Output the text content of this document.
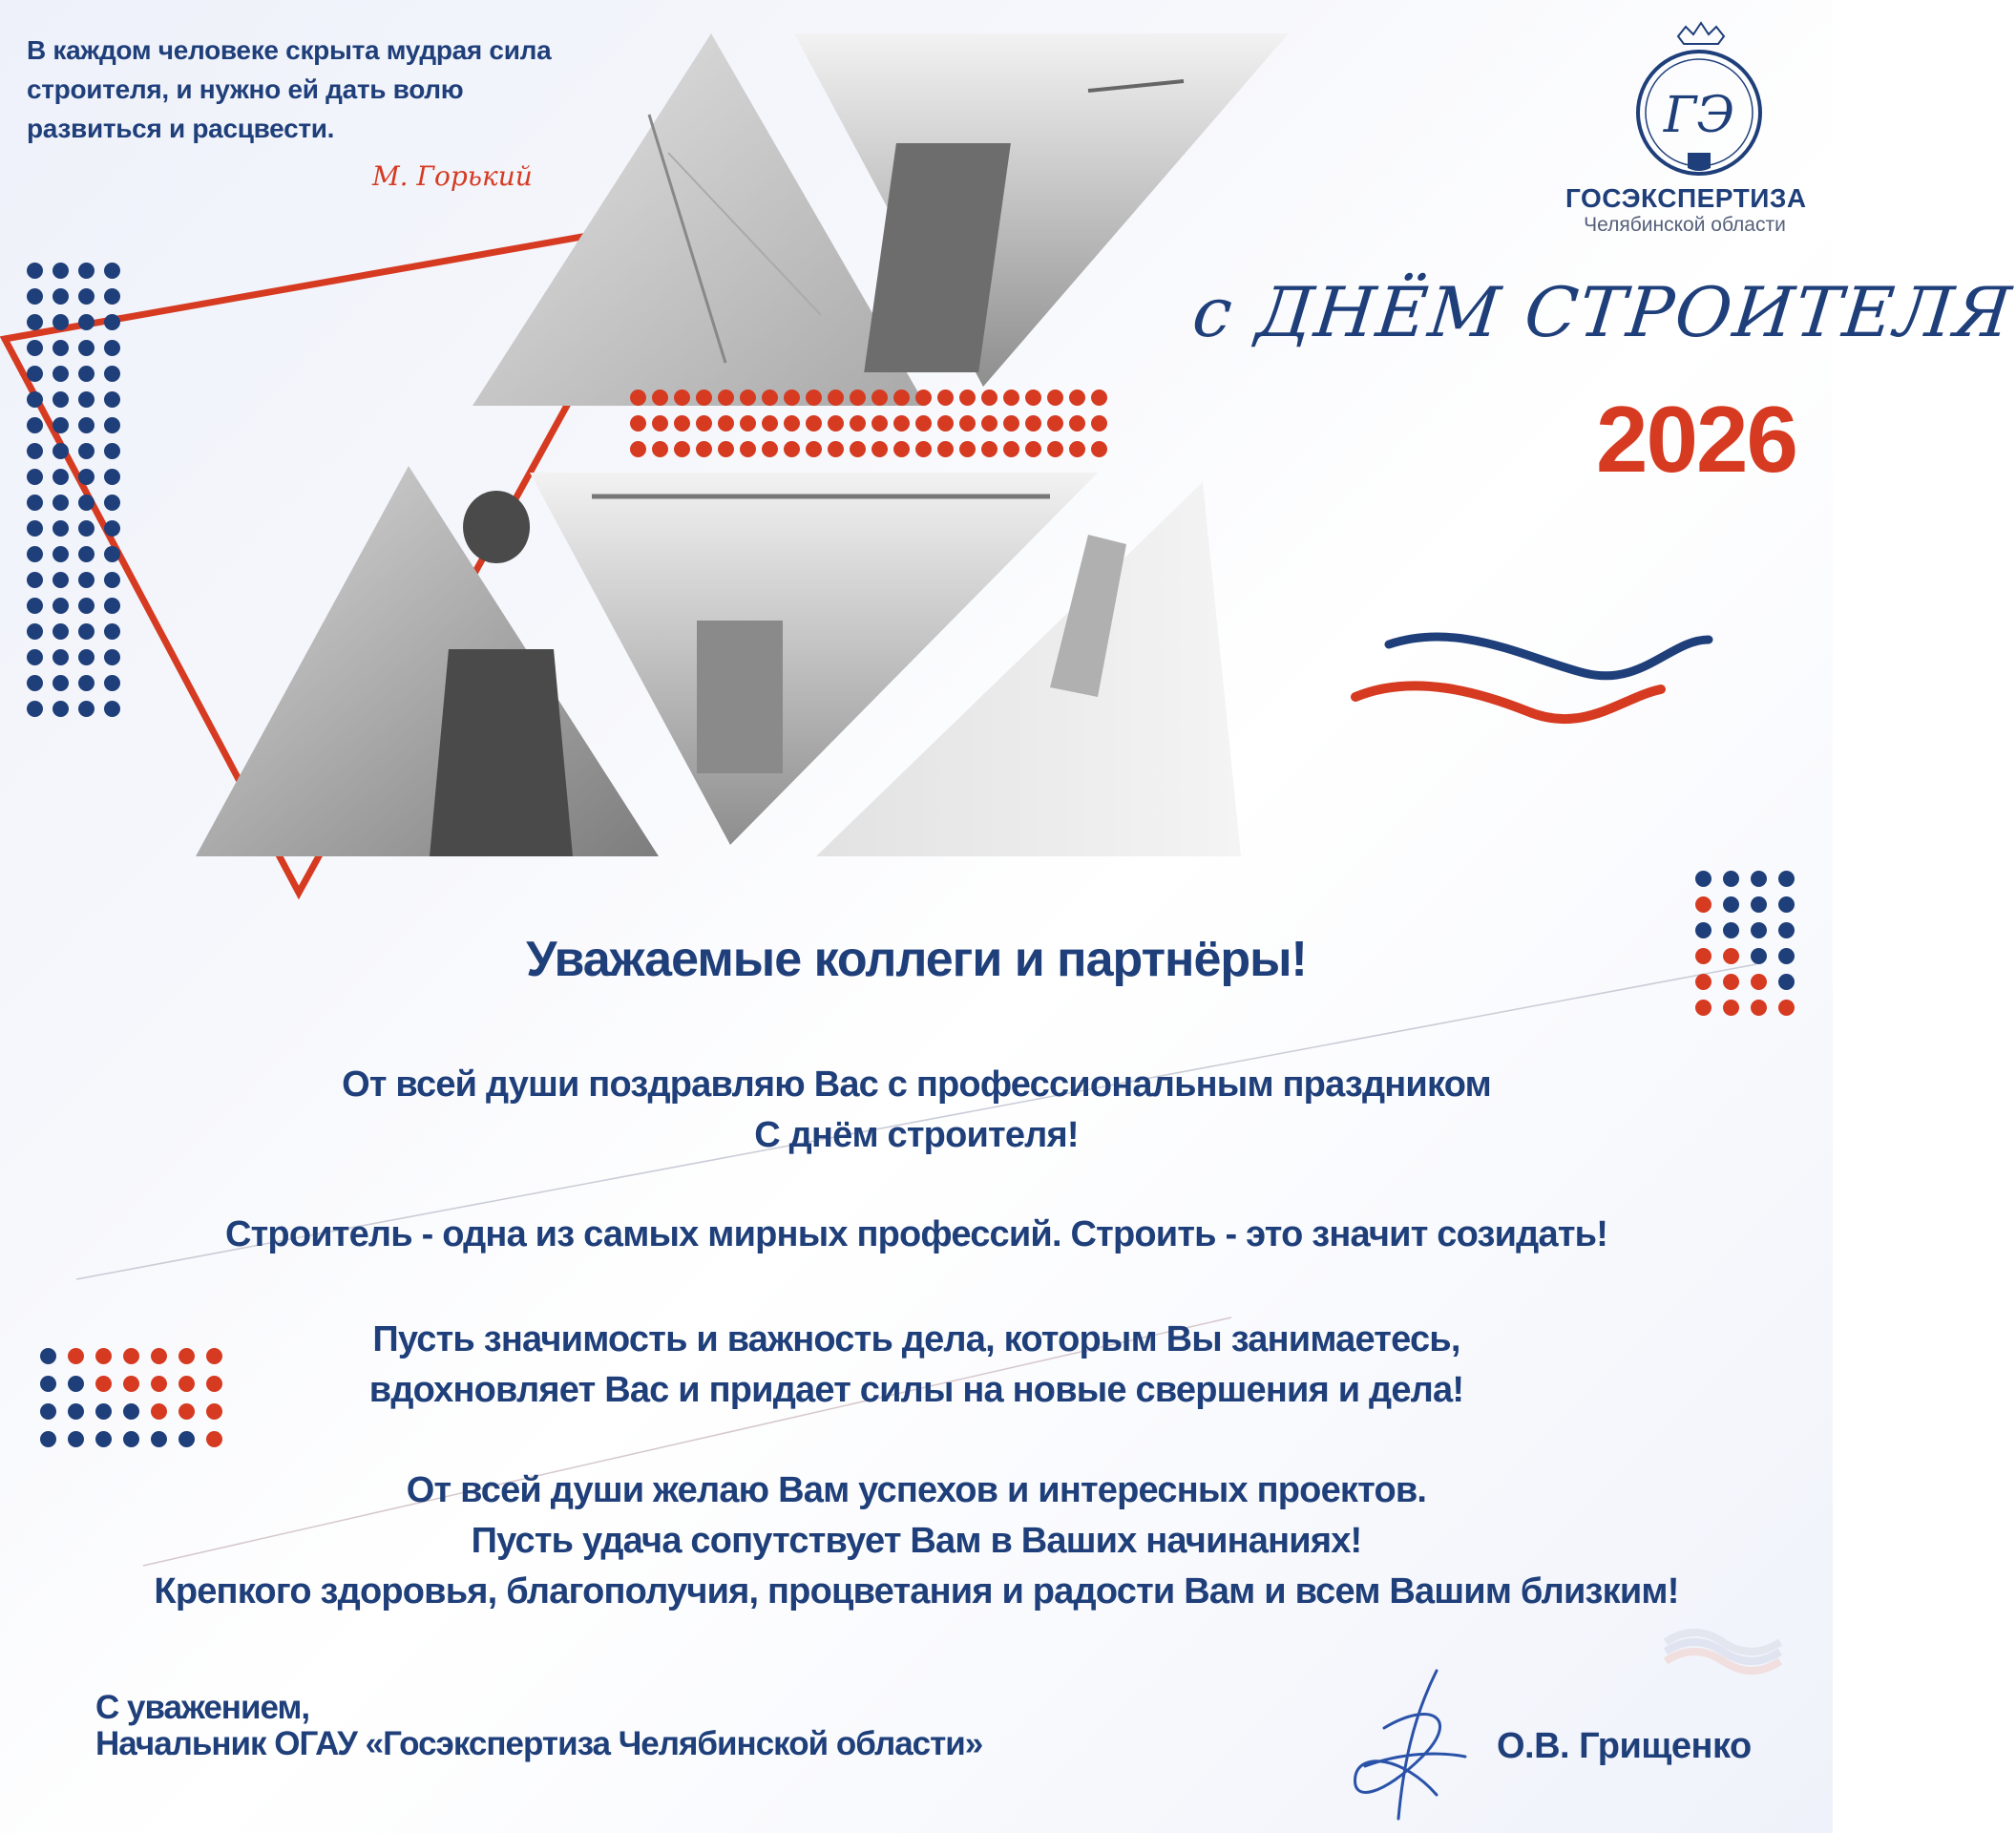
В каждом человеке скрыта мудрая сила
строителя, и нужно ей дать волю
развиться и расцвести.
М. Горький
ГЭ
ГОСЭКСПЕРТИЗА
Челябинской области
с ДНЁМ СТРОИТЕЛЯ
2026
Уважаемые коллеги и партнёры!
От всей души поздравляю Вас с профессиональным праздником
С днём строителя!
Строитель - одна из самых мирных профессий. Строить - это значит созидать!
Пусть значимость и важность дела, которым Вы занимаетесь,
вдохновляет Вас и придает силы на новые свершения и дела!
От всей души желаю Вам успехов и интересных проектов.
Пусть удача сопутствует Вам в Ваших начинаниях!
Крепкого здоровья, благополучия, процветания и радости Вам и всем Вашим близким!
С уважением,
Начальник ОГАУ «Госэкспертиза Челябинской области»	О.В. Грищенко
